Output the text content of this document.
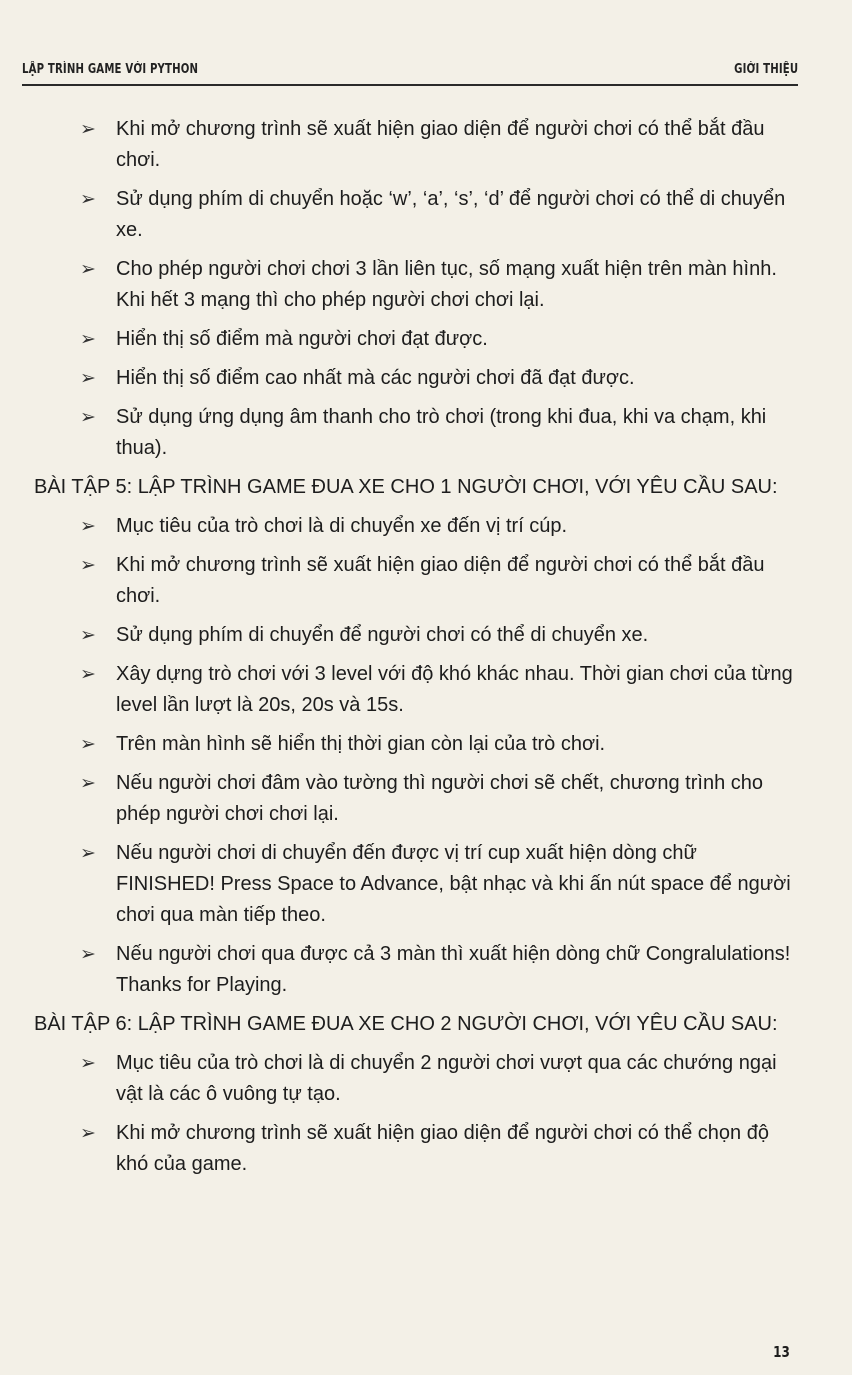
LẬP TRÌNH GAME VỚI PYTHON	GIỚI THIỆU
➢ Khi mở chương trình sẽ xuất hiện giao diện để người chơi có thể bắt đầu chơi.
➢ Sử dụng phím di chuyển hoặc ‘w’, ‘a’, ‘s’, ‘d’ để người chơi có thể di chuyển xe.
➢ Cho phép người chơi chơi 3 lần liên tục, số mạng xuất hiện trên màn hình. Khi hết 3 mạng thì cho phép người chơi chơi lại.
➢ Hiển thị số điểm mà người chơi đạt được.
➢ Hiển thị số điểm cao nhất mà các người chơi đã đạt được.
➢ Sử dụng ứng dụng âm thanh cho trò chơi (trong khi đua, khi va chạm, khi thua).
BÀI TẬP 5: LẬP TRÌNH GAME ĐUA XE CHO 1 NGƯỜI CHƠI, VỚI YÊU CẦU SAU:
➢ Mục tiêu của trò chơi là di chuyển xe đến vị trí cúp.
➢ Khi mở chương trình sẽ xuất hiện giao diện để người chơi có thể bắt đầu chơi.
➢ Sử dụng phím di chuyển để người chơi có thể di chuyển xe.
➢ Xây dựng trò chơi với 3 level với độ khó khác nhau. Thời gian chơi của từng level lần lượt là 20s, 20s và 15s.
➢ Trên màn hình sẽ hiển thị thời gian còn lại của trò chơi.
➢ Nếu người chơi đâm vào tường thì người chơi sẽ chết, chương trình cho phép người chơi chơi lại.
➢ Nếu người chơi di chuyển đến được vị trí cup xuất hiện dòng chữ FINISHED! Press Space to Advance, bật nhạc và khi ấn nút space để người chơi qua màn tiếp theo.
➢ Nếu người chơi qua được cả 3 màn thì xuất hiện dòng chữ Congralulations! Thanks for Playing.
BÀI TẬP 6: LẬP TRÌNH GAME ĐUA XE CHO 2 NGƯỜI CHƠI, VỚI YÊU CẦU SAU:
➢ Mục tiêu của trò chơi là di chuyển 2 người chơi vượt qua các chướng ngại vật là các ô vuông tự tạo.
➢ Khi mở chương trình sẽ xuất hiện giao diện để người chơi có thể chọn độ khó của game.
13
